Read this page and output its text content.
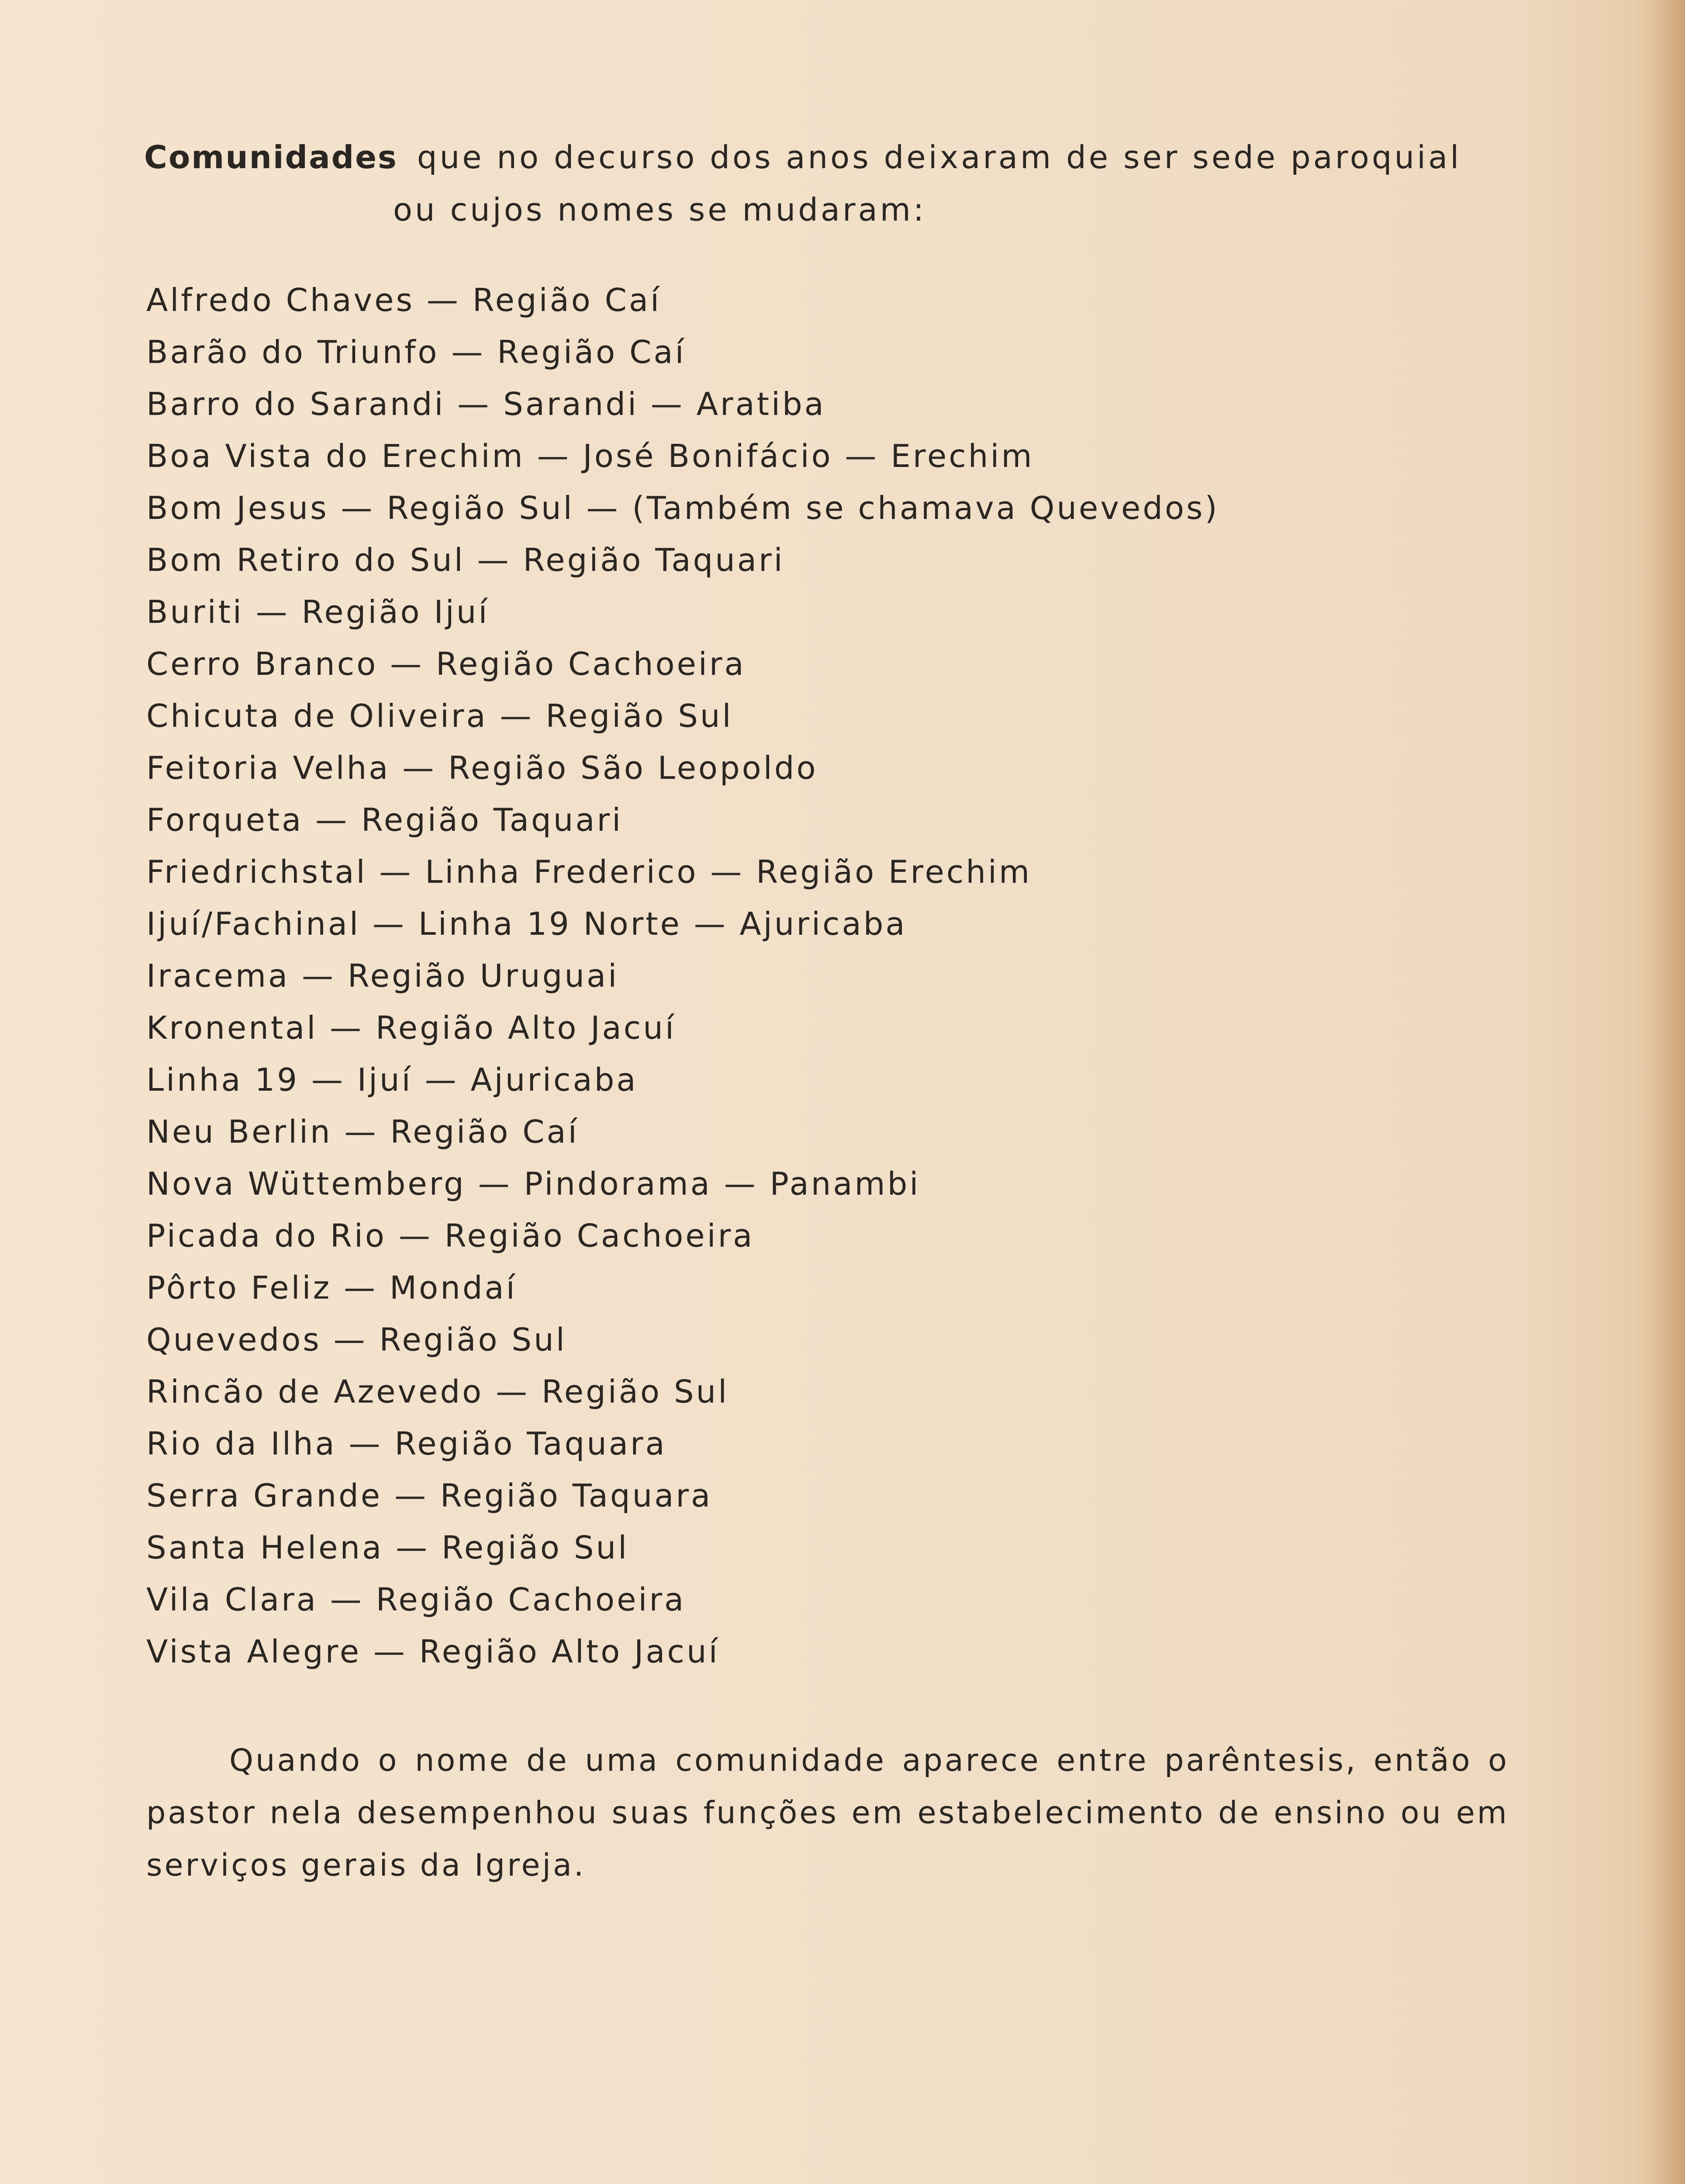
Comunidades que no decurso dos anos deixaram de ser sede paroquial
ou cujos nomes se mudaram:
Alfredo Chaves — Região Caí
Barão do Triunfo — Região Caí
Barro do Sarandi — Sarandi — Aratiba
Boa Vista do Erechim — José Bonifácio — Erechim
Bom Jesus — Região Sul — (Também se chamava Quevedos)
Bom Retiro do Sul — Região Taquari
Buriti — Região Ijuí
Cerro Branco — Região Cachoeira
Chicuta de Oliveira — Região Sul
Feitoria Velha — Região São Leopoldo
Forqueta — Região Taquari
Friedrichstal — Linha Frederico — Região Erechim
Ijuí/Fachinal — Linha 19 Norte — Ajuricaba
Iracema — Região Uruguai
Kronental — Região Alto Jacuí
Linha 19 — Ijuí — Ajuricaba
Neu Berlin — Região Caí
Nova Wüttemberg — Pindorama — Panambi
Picada do Rio — Região Cachoeira
Pôrto Feliz — Mondaí
Quevedos — Região Sul
Rincão de Azevedo — Região Sul
Rio da Ilha — Região Taquara
Serra Grande — Região Taquara
Santa Helena — Região Sul
Vila Clara — Região Cachoeira
Vista Alegre — Região Alto Jacuí

Quando o nome de uma comunidade aparece entre parêntesis, então o pastor nela desempenhou suas funções em estabelecimento de ensino ou em serviços gerais da Igreja.
